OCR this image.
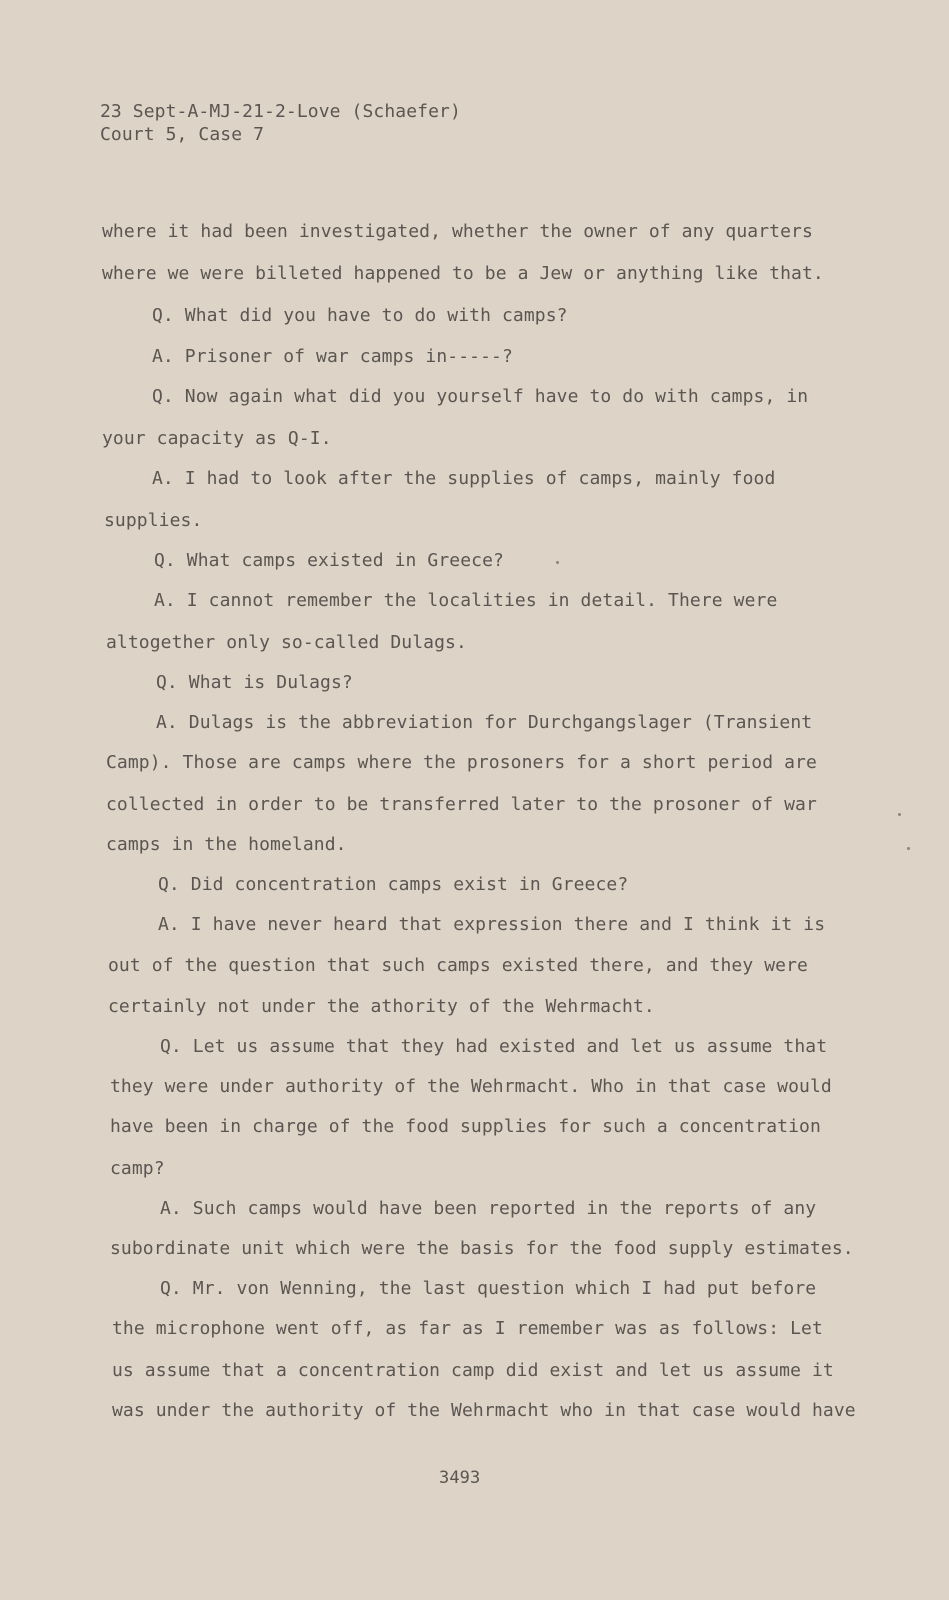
23 Sept-A-MJ-21-2-Love (Schaefer)
Court 5, Case 7
where it had been investigated, whether the owner of any quarters
where we were billeted happened to be a Jew or anything like that.
Q. What did you have to do with camps?
A. Prisoner of war camps in-----?
Q. Now again what did you yourself have to do with camps, in
your capacity as Q-I.
A. I had to look after the supplies of camps, mainly food
supplies.
Q. What camps existed in Greece?
A. I cannot remember the localities in detail. There were
altogether only so-called Dulags.
Q. What is Dulags?
A. Dulags is the abbreviation for Durchgangslager (Transient
Camp). Those are camps where the prosoners for a short period are
collected in order to be transferred later to the prosoner of war
camps in the homeland.
Q. Did concentration camps exist in Greece?
A. I have never heard that expression there and I think it is
out of the question that such camps existed there, and they were
certainly not under the athority of the Wehrmacht.
Q. Let us assume that they had existed and let us assume that
they were under authority of the Wehrmacht. Who in that case would
have been in charge of the food supplies for such a concentration
camp?
A. Such camps would have been reported in the reports of any
subordinate unit which were the basis for the food supply estimates.
Q. Mr. von Wenning, the last question which I had put before
the microphone went off, as far as I remember was as follows: Let
us assume that a concentration camp did exist and let us assume it
was under the authority of the Wehrmacht who in that case would have
3493
